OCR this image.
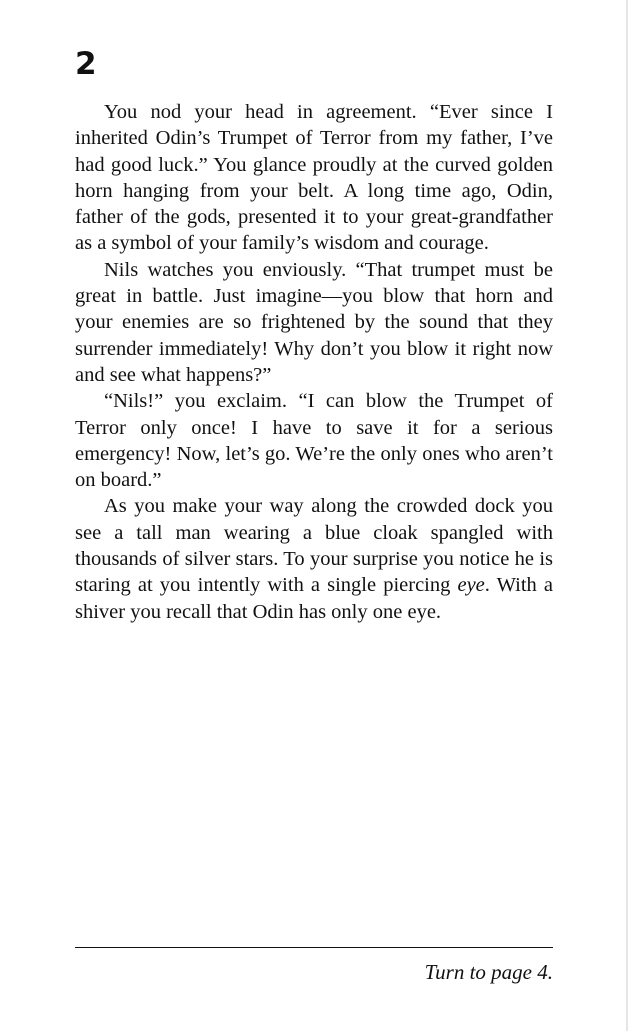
2

You nod your head in agreement. “Ever since I inherited Odin’s Trumpet of Terror from my father, I’ve had good luck.” You glance proudly at the curved golden horn hanging from your belt. A long time ago, Odin, father of the gods, presented it to your great-grandfather as a symbol of your family’s wisdom and courage.

Nils watches you enviously. “That trumpet must be great in battle. Just imagine—you blow that horn and your enemies are so frightened by the sound that they surrender immediately! Why don’t you blow it right now and see what happens?”

“Nils!” you exclaim. “I can blow the Trumpet of Terror only once! I have to save it for a serious emergency! Now, let’s go. We’re the only ones who aren’t on board.”

As you make your way along the crowded dock you see a tall man wearing a blue cloak spangled with thousands of silver stars. To your surprise you notice he is staring at you intently with a single piercing eye. With a shiver you recall that Odin has only one eye.

Turn to page 4.
